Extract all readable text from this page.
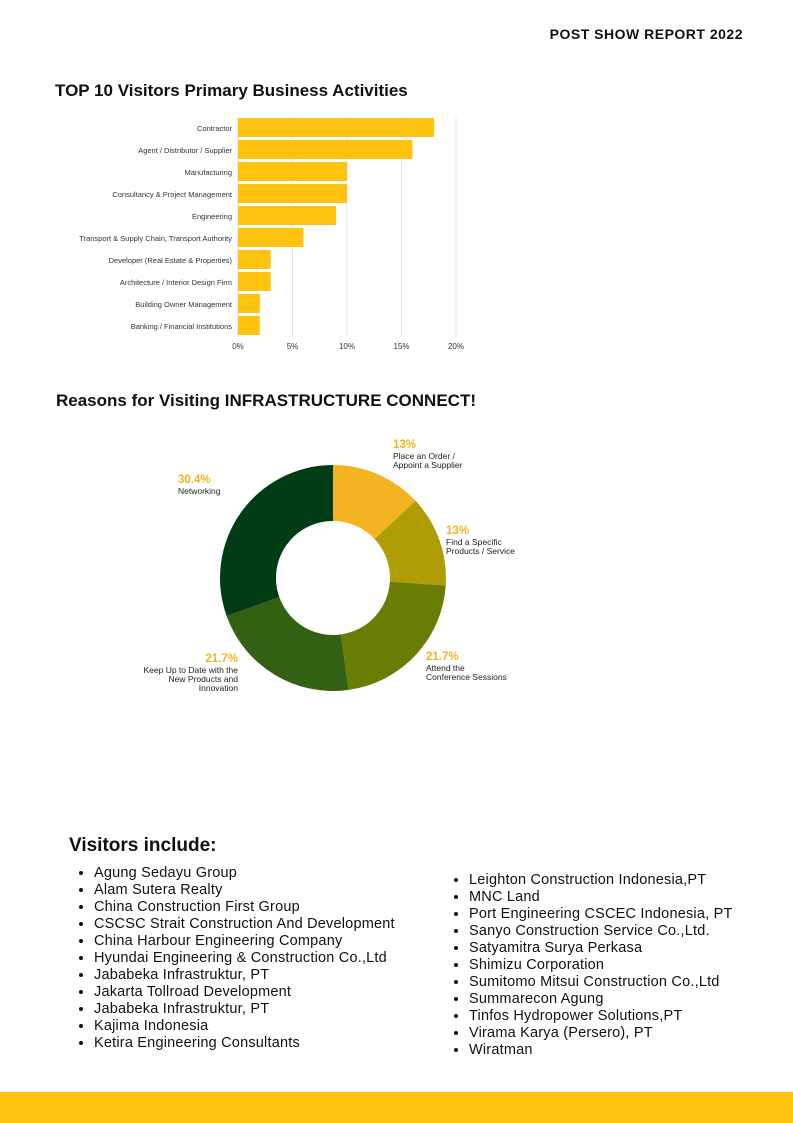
POST SHOW REPORT 2022
TOP 10 Visitors Primary Business Activities
0%	5%	10%	15%	20%
Contractor
Agent / Distributor / Supplier
Manufacturing
Consultancy & Project Management
Engineering
Transport & Supply Chain, Transport Authority
Developer (Real Estate & Properties)
Architecture / Interior Design Firm
Building Owner Management
Banking / Financial Institutions
Reasons for Visiting INFRASTRUCTURE CONNECT!
13%
Place an Order /
Appoint a Supplier
13%
Find a Specific
Products / Service
21.7%
Attend the
Conference Sessions
21.7%
Keep Up to Date with the
New Products and
Innovation
30.4%
Networking
Visitors include:
• Agung Sedayu Group
• Alam Sutera Realty
• China Construction First Group
• CSCSC Strait Construction And Development
• China Harbour Engineering Company
• Hyundai Engineering & Construction Co.,Ltd
• Jababeka Infrastruktur, PT
• Jakarta Tollroad Development
• Jababeka Infrastruktur, PT
• Kajima Indonesia
• Ketira Engineering Consultants
• Leighton Construction Indonesia,PT
• MNC Land
• Port Engineering CSCEC Indonesia, PT
• Sanyo Construction Service Co.,Ltd.
• Satyamitra Surya Perkasa
• Shimizu Corporation
• Sumitomo Mitsui Construction Co.,Ltd
• Summarecon Agung
• Tinfos Hydropower Solutions,PT
• Virama Karya (Persero), PT
• Wiratman
